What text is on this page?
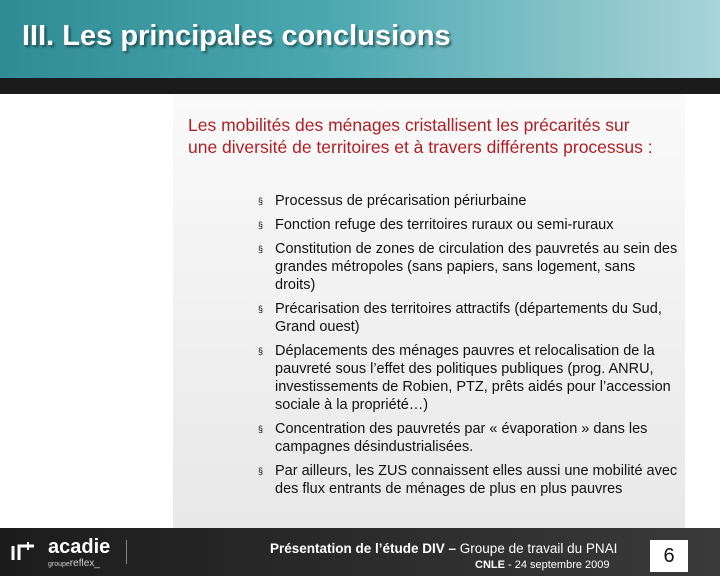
III. Les principales conclusions

Les mobilités des ménages cristallisent les précarités sur une diversité de territoires et à travers différents processus :

§ Processus de précarisation périurbaine
§ Fonction refuge des territoires ruraux ou semi-ruraux
§ Constitution de zones de circulation des pauvretés au sein des grandes métropoles (sans papiers, sans logement, sans droits)
§ Précarisation des territoires attractifs (départements du Sud, Grand ouest)
§ Déplacements des ménages pauvres et relocalisation de la pauvreté sous l’effet des politiques publiques (prog. ANRU, investissements de Robien, PTZ, prêts aidés pour l’accession sociale à la propriété…)
§ Concentration des pauvretés par « évaporation » dans les campagnes désindustrialisées.
§ Par ailleurs, les ZUS connaissent elles aussi une mobilité avec des flux entrants de ménages de plus en plus pauvres
acadie
groupereflex_
Présentation de l’étude DIV – Groupe de travail du PNAI
CNLE - 24 septembre 2009	6
